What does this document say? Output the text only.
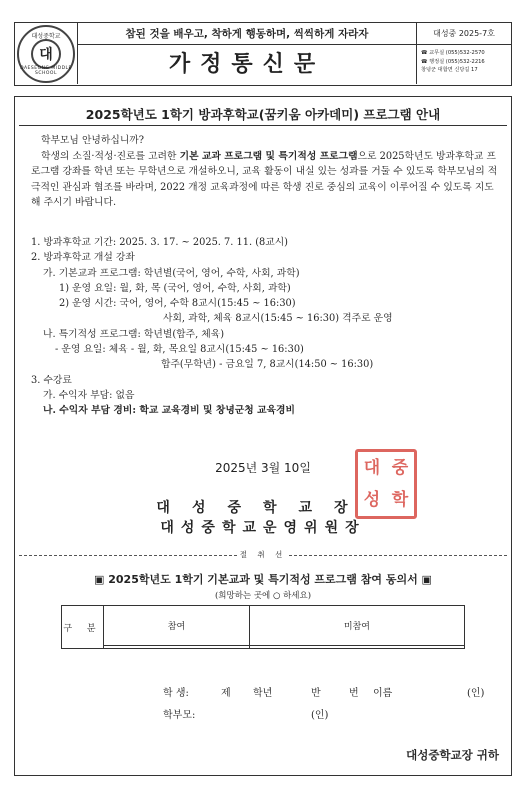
대성중학교
대
DAESEONG MIDDLE SCHOOL
참된 것을 배우고, 착하게 행동하며, 씩씩하게 자라자
가정통신문
대성중 2025-7호
☎ 교무실 (055)532-2570
☎ 행정실 (055)532-2216
창녕군 대합면 신당길 17
2025학년도 1학기 방과후학교(꿈키움 아카데미) 프로그램 안내

학부모님 안녕하십니까?

학생의 소질·적성·진로를 고려한 기본 교과 프로그램 및 특기적성 프로그램으로 2025학년도 방과후학교 프로그램 강좌를 학년 또는 무학년으로 개설하오니, 교육 활동이 내실 있는 성과를 거둘 수 있도록 학부모님의 적극적인 관심과 협조를 바라며, 2022 개정 교육과정에 따른 학생 진로 중심의 교육이 이루어질 수 있도록 지도해 주시기 바랍니다.

1. 방과후학교 기간: 2025. 3. 17. ~ 2025. 7. 11. (8교시)
2. 방과후학교 개설 강좌
가. 기본교과 프로그램: 학년별(국어, 영어, 수학, 사회, 과학)
1) 운영 요일: 월, 화, 목 (국어, 영어, 수학, 사회, 과학)
2) 운영 시간: 국어, 영어, 수학 8교시(15:45 ~ 16:30)
사회, 과학, 체육 8교시(15:45 ~ 16:30) 격주로 운영
나. 특기적성 프로그램: 학년별(합주, 체육)
- 운영 요일: 체육 - 월, 화, 목요일 8교시(15:45 ~ 16:30)
합주(무학년) - 금요일 7, 8교시(14:50 ~ 16:30)
3. 수강료
가. 수익자 부담: 없음
나. 수익자 부담 경비: 학교 교육경비 및 창녕군청 교육경비
2025년 3월 10일	대 중
성 학
대성중학교장
대성중학교운영위원장
절 취 선
▣ 2025학년도 1학기 기본교과 및 특기적성 프로그램 참여 동의서 ▣
(희망하는 곳에 ○ 하세요)
구 분	참여	미참여

학 생:	제 학년	반	번 이름	(인)
학부모:	(인)
대성중학교장 귀하
